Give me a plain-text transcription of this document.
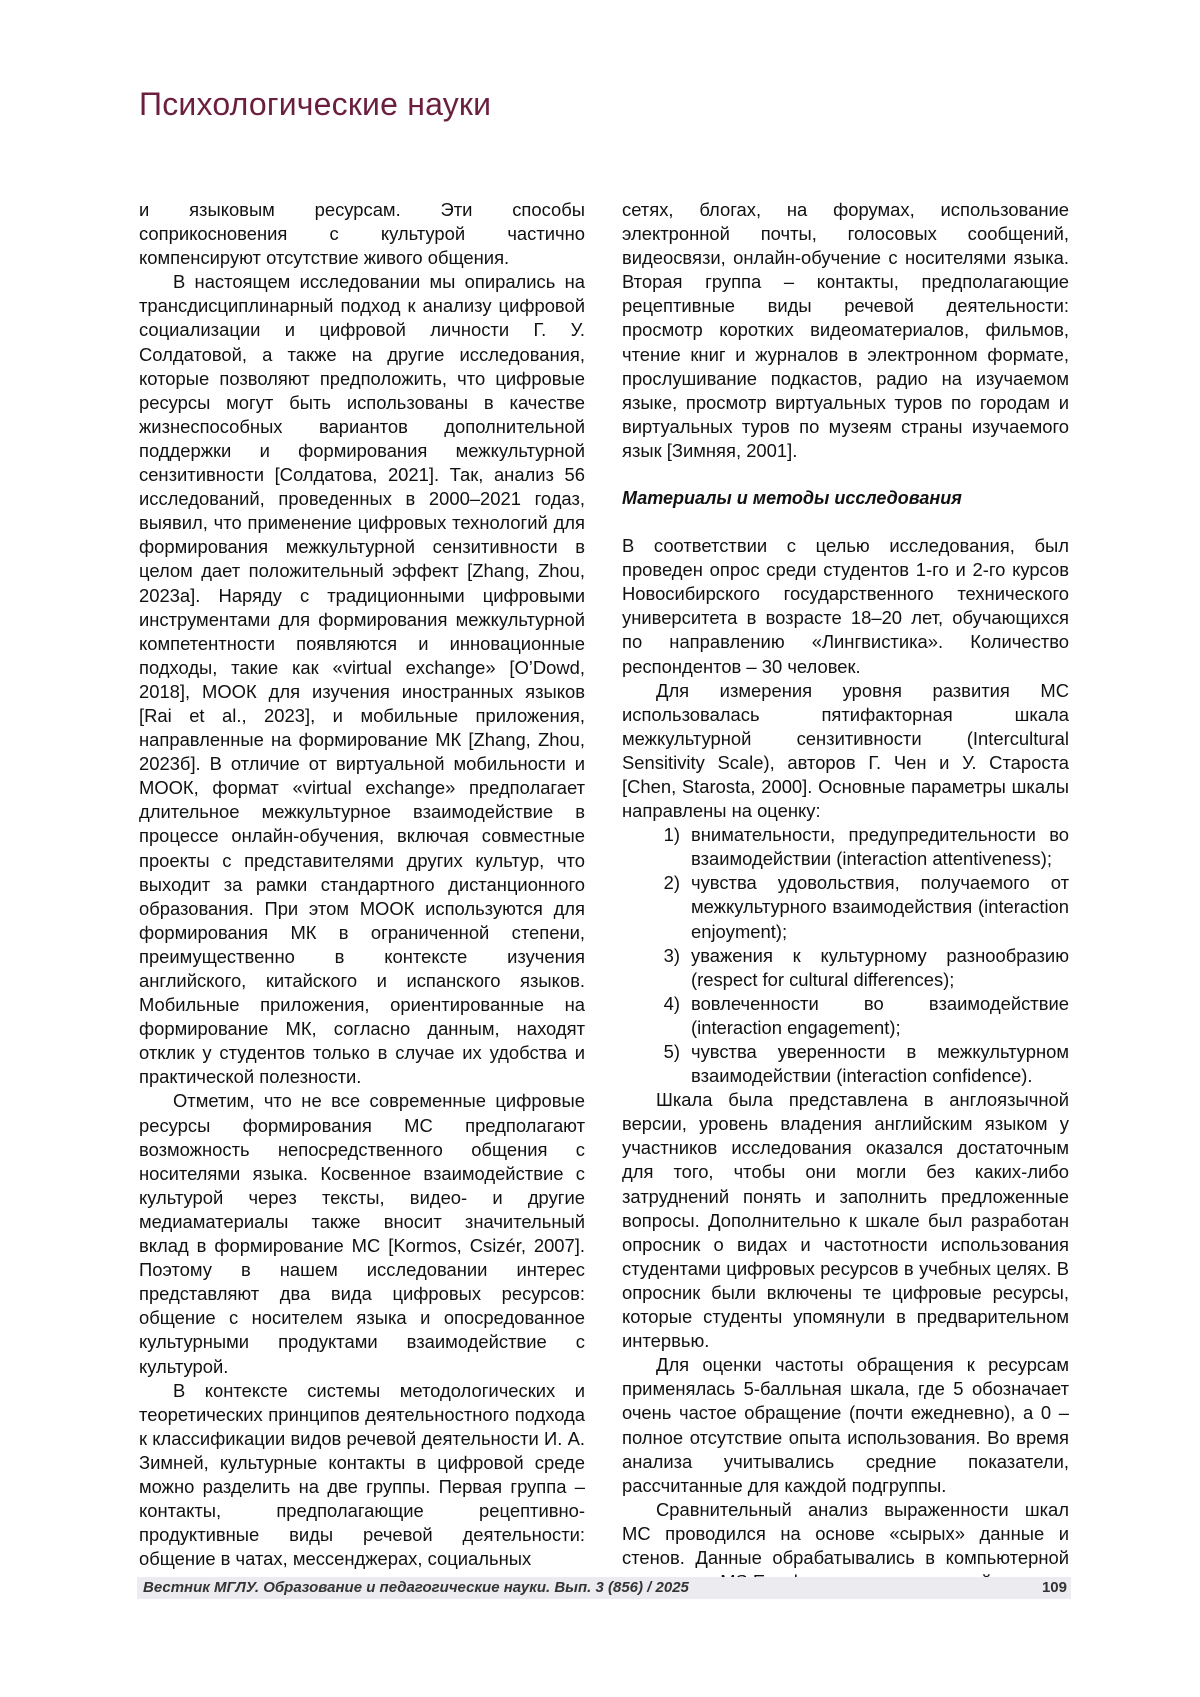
Психологические науки

и языковым ресурсам. Эти способы соприкосновения с культурой частично компенсируют отсутствие живого общения.

В настоящем исследовании мы опирались на трансдисциплинарный подход к анализу цифровой социализации и цифровой личности Г. У. Солдатовой, а также на другие исследования, которые позволяют предположить, что цифровые ресурсы могут быть использованы в качестве жизнеспособных вариантов дополнительной поддержки и формирования межкультурной сензитивности [Солдатова, 2021]. Так, анализ 56 исследований, проведенных в 2000–2021 годаз, выявил, что применение цифровых технологий для формирования межкультурной сензитивности в целом дает положительный эффект [Zhang, Zhou, 2023а]. Наряду с традиционными цифровыми инструментами для формирования межкультурной компетентности появляются и инновационные подходы, такие как «virtual exchange» [O’Dowd, 2018], МООК для изучения иностранных языков [Rai et al., 2023], и мобильные приложения, направленные на формирование МК [Zhang, Zhou, 2023б]. В отличие от виртуальной мобильности и МООК, формат «virtual exchange» предполагает длительное межкультурное взаимодействие в процессе онлайн-обучения, включая совместные проекты с представителями других культур, что выходит за рамки стандартного дистанционного образования. При этом МООК используются для формирования МК в ограниченной степени, преимущественно в контексте изучения английского, китайского и испанского языков. Мобильные приложения, ориентированные на формирование МК, согласно данным, находят отклик у студентов только в случае их удобства и практической полезности.

Отметим, что не все современные цифровые ресурсы формирования МС предполагают возможность непосредственного общения с носителями языка. Косвенное взаимодействие с культурой через тексты, видео- и другие медиаматериалы также вносит значительный вклад в формирование МС [Kormos, Csizér, 2007]. Поэтому в нашем исследовании интерес представляют два вида цифровых ресурсов: общение с носителем языка и опосредованное культурными продуктами взаимодействие с культурой.

В контексте системы методологических и теоретических принципов деятельностного подхода к классификации видов речевой деятельности И. А. Зимней, культурные контакты в цифровой среде можно разделить на две группы. Первая группа – контакты, предполагающие рецептивно-продуктивные виды речевой деятельности: общение в чатах, мессенджерах, социальных

сетях, блогах, на форумах, использование электронной почты, голосовых сообщений, видеосвязи, онлайн-обучение с носителями языка. Вторая группа – контакты, предполагающие рецептивные виды речевой деятельности: просмотр коротких видеоматериалов, фильмов, чтение книг и журналов в электронном формате, прослушивание подкастов, радио на изучаемом языке, просмотр виртуальных туров по городам и виртуальных туров по музеям страны изучаемого язык [Зимняя, 2001].

Материалы и методы исследования

В соответствии с целью исследования, был проведен опрос среди студентов 1-го и 2-го курсов Новосибирского государственного технического университета в возрасте 18–20 лет, обучающихся по направлению «Лингвистика». Количество респондентов – 30 человек.

Для измерения уровня развития МС использовалась пятифакторная шкала межкультурной сензитивности (Intercultural Sensitivity Scale), авторов Г. Чен и У. Староста [Chen, Starosta, 2000]. Основные параметры шкалы направлены на оценку:

1) внимательности, предупредительности во взаимодействии (interaction attentiveness);
2) чувства удовольствия, получаемого от межкультурного взаимодействия (interaction enjoyment);
3) уважения к культурному разнообразию (respect for cultural differences);
4) вовлеченности во взаимодействие (interaction engagement);
5) чувства уверенности в межкультурном взаимодействии (interaction confidence).

Шкала была представлена в англоязычной версии, уровень владения английским языком у участников исследования оказался достаточным для того, чтобы они могли без каких-либо затруднений понять и заполнить предложенные вопросы. Дополнительно к шкале был разработан опросник о видах и частотности использования студентами цифровых ресурсов в учебных целях. В опросник были включены те цифровые ресурсы, которые студенты упомянули в предварительном интервью.

Для оценки частоты обращения к ресурсам применялась 5-балльная шкала, где 5 обозначает очень частое обращение (почти ежедневно), а 0 – полное отсутствие опыта использования. Во время анализа учитывались средние показатели, рассчитанные для каждой подгруппы.

Сравнительный анализ выраженности шкал МС проводился на основе «сырых» данные и стенов. Данные обрабатывались в компьютерной

Вестник МГЛУ. Образование и педагогические науки. Вып. 3 (856) / 2025	109
